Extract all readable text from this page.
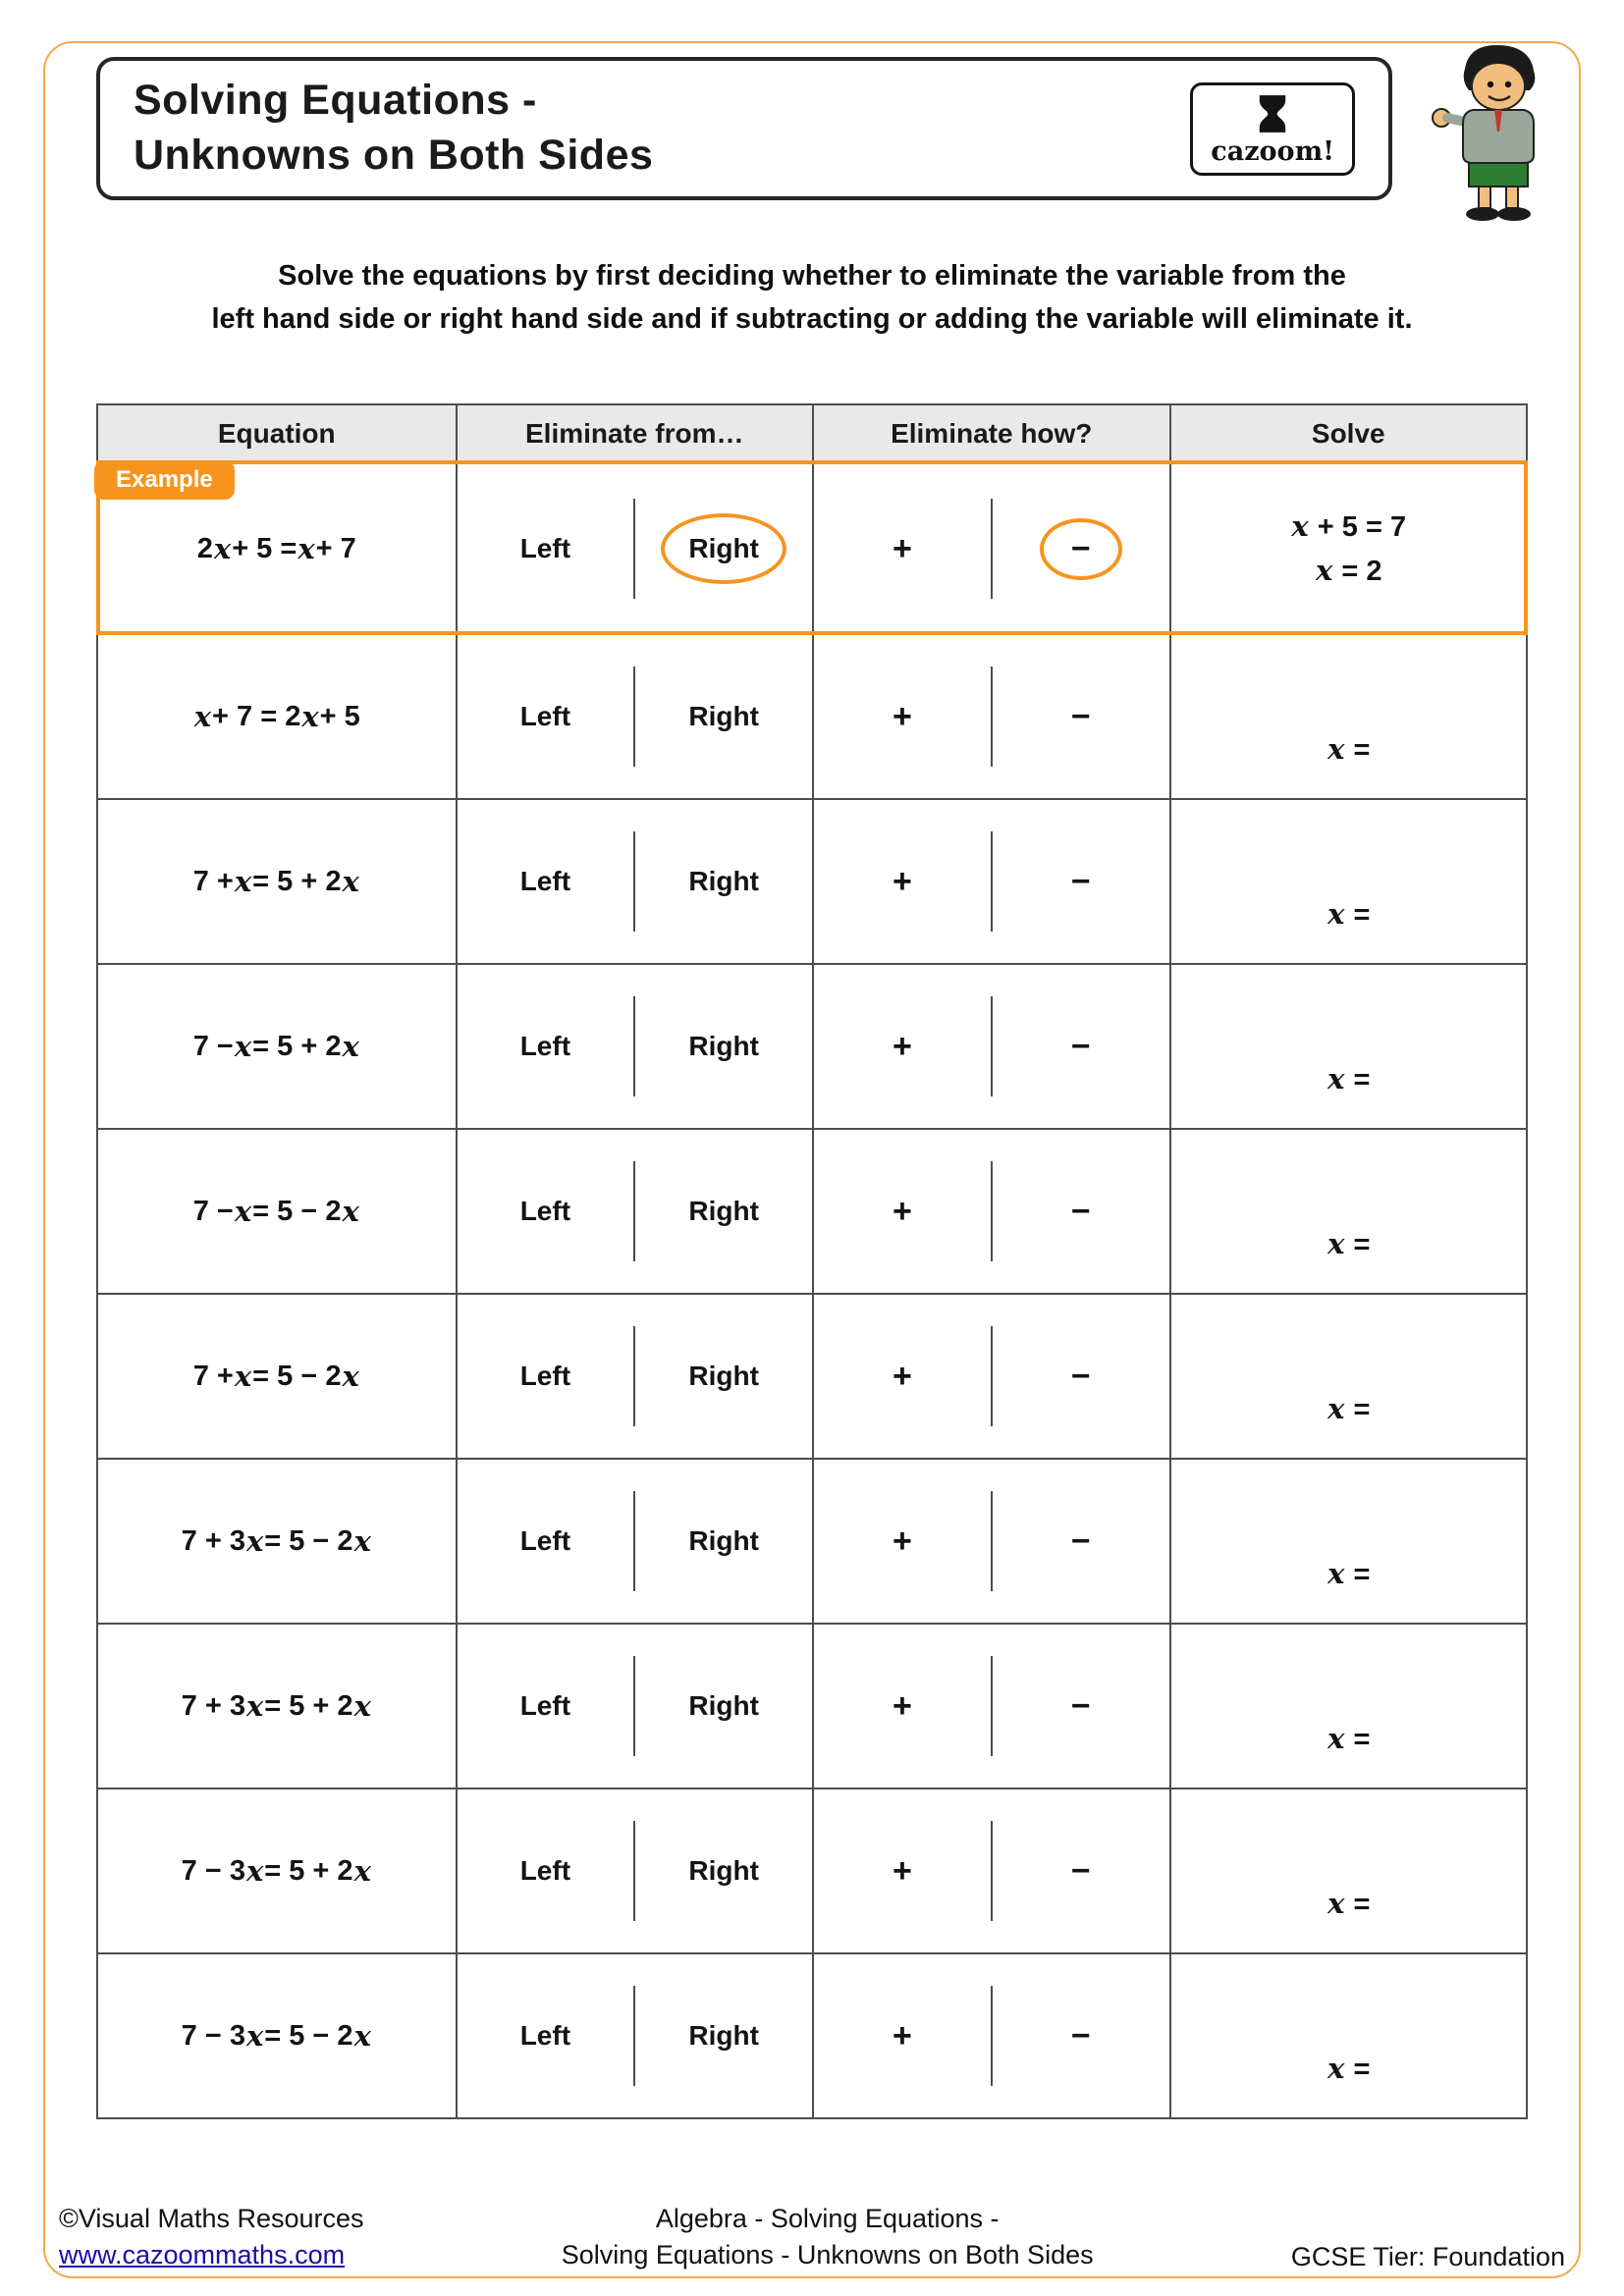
Solving Equations -
Unknowns on Both Sides	cazoom!

Solve the equations by first deciding whether to eliminate the variable from the
left hand side or right hand side and if subtracting or adding the variable will eliminate it.

Equation	Eliminate from…	Eliminate how?	Solve
Example
2 x + 5 = x + 7	Left	Right	+	−
x + 5 = 7
x = 2
x + 7 = 2 x + 5	Left	Right	+	−
x =
7 + x = 5 + 2 x	Left	Right	+	−
x =
7 − x = 5 + 2 x	Left	Right	+	−
x =
7 − x = 5 − 2 x	Left	Right	+	−
x =
7 + x = 5 − 2 x	Left	Right	+	−
x =
7 + 3 x = 5 − 2 x	Left	Right	+	−
x =
7 + 3 x = 5 + 2 x	Left	Right	+	−
x =
7 − 3 x = 5 + 2 x	Left	Right	+	−
x =
7 − 3 x = 5 − 2 x	Left	Right	+	−
x =
©Visual Maths Resources
www.cazoommaths.com
Algebra - Solving Equations -
Solving Equations - Unknowns on Both Sides	GCSE Tier: Foundation
